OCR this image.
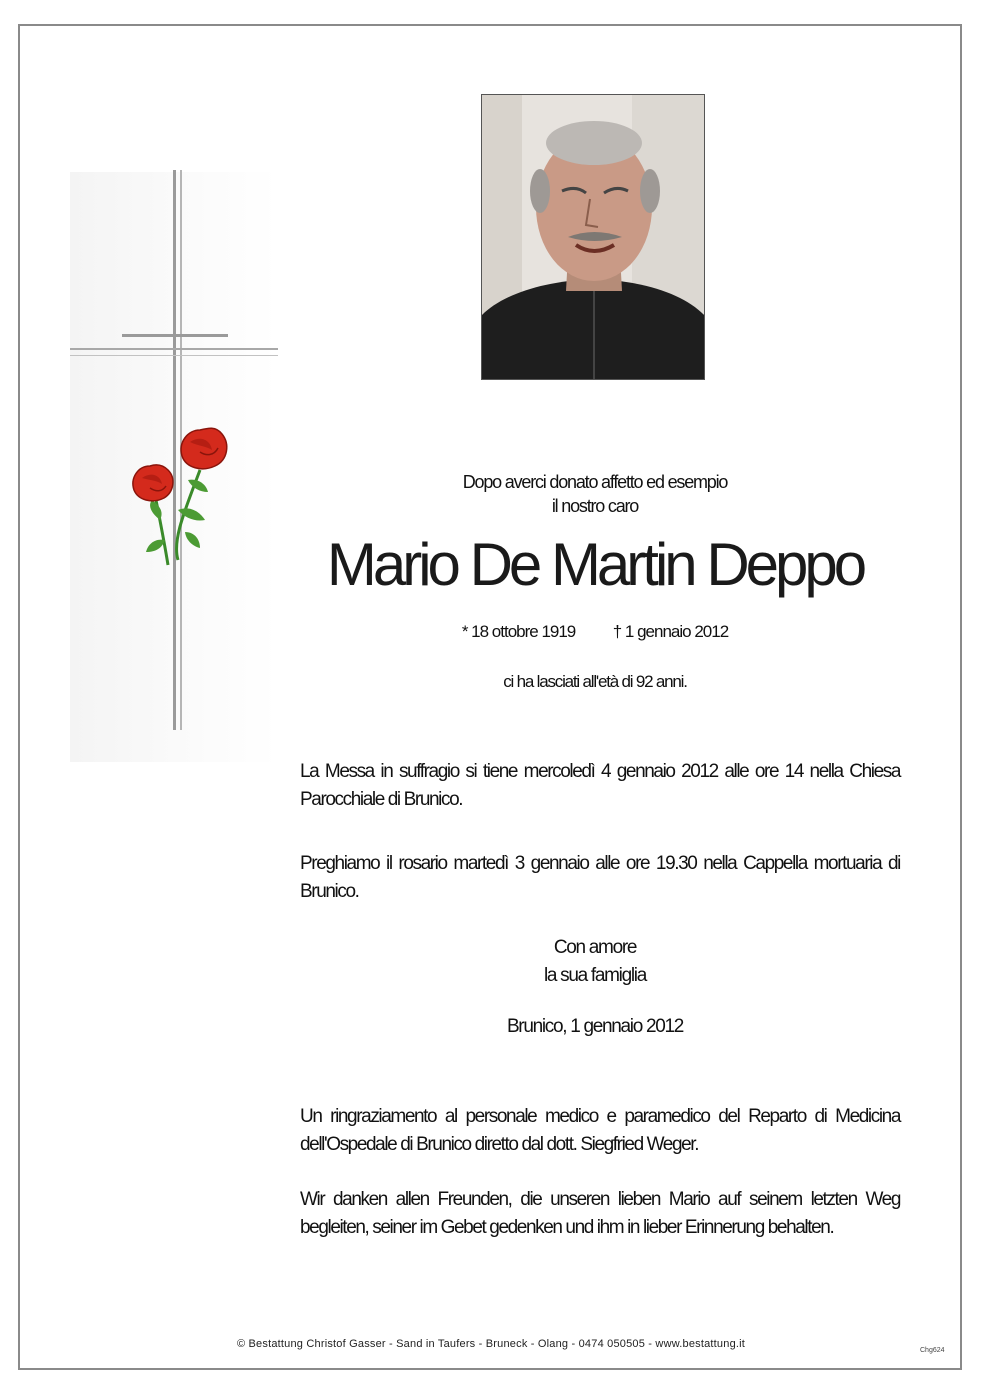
Dopo averci donato affetto ed esempio
il nostro caro
Mario De Martin Deppo
* 18 ottobre 1919 † 1 gennaio 2012
ci ha lasciati all'età di 92 anni.
La Messa in suffragio si tiene mercoledì 4 gennaio 2012 alle ore 14 nella Chiesa Parocchiale di Brunico.
Preghiamo il rosario martedì 3 gennaio alle ore 19.30 nella Cappella mortuaria di Brunico.
Con amore
la sua famiglia
Brunico, 1 gennaio 2012
Un ringraziamento al personale medico e paramedico del Reparto di Medicina dell'Ospedale di Brunico diretto dal dott. Siegfried Weger.
Wir danken allen Freunden, die unseren lieben Mario auf seinem letzten Weg begleiten, seiner im Gebet gedenken und ihm in lieber Erinnerung behalten.
© Bestattung Christof Gasser - Sand in Taufers - Bruneck - Olang - 0474 050505 - www.bestattung.it
Chg624
